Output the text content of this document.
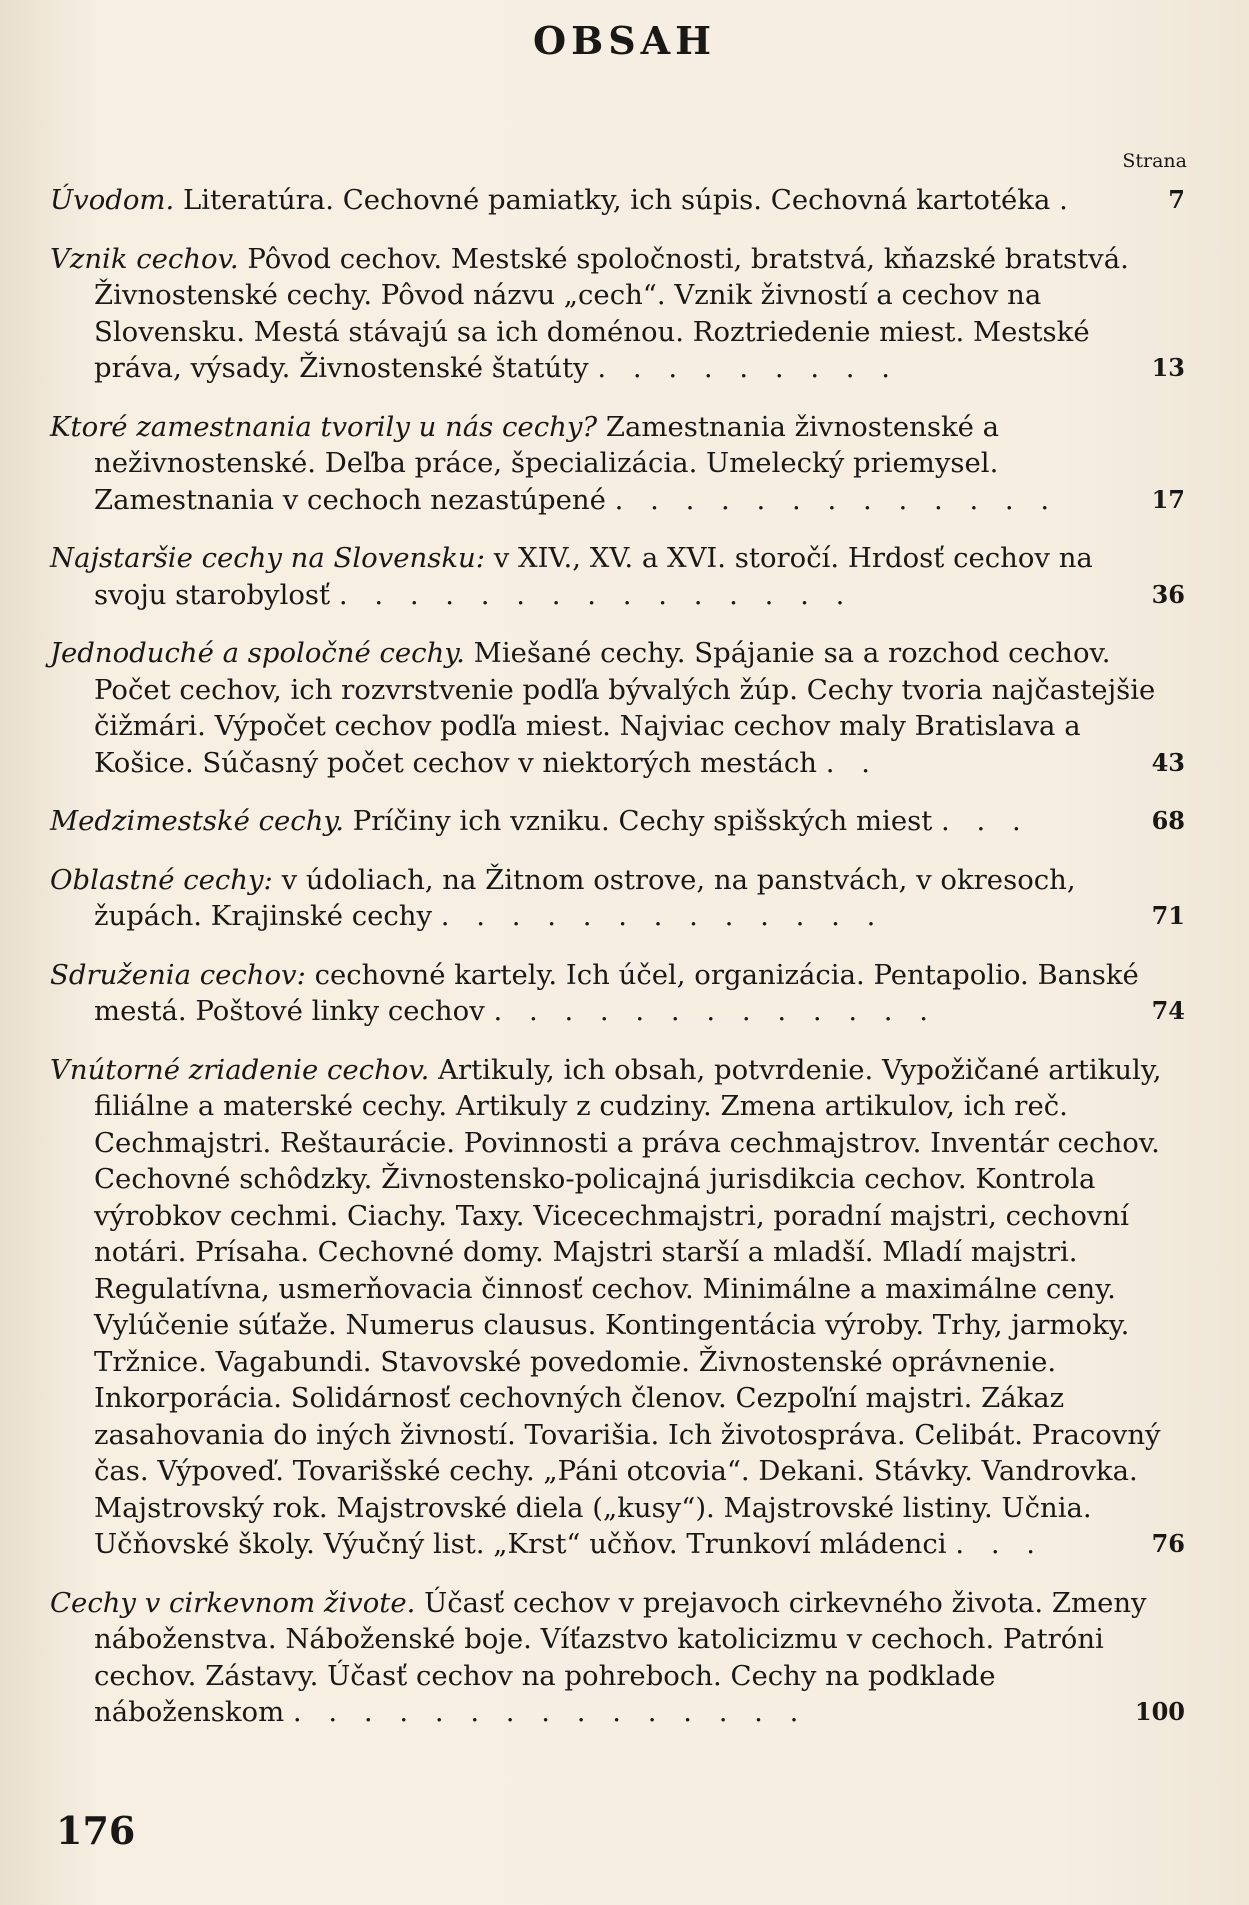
OBSAH
Strana
Úvodom. Literatúra. Cechovné pamiatky, ich súpis. Cechovná kartotéka .	7
Vznik cechov. Pôvod cechov. Mestské spoločnosti, bratstvá, kňazské bratstvá. Živnostenské cechy. Pôvod názvu „cech“. Vznik živností a cechov na Slovensku. Mestá stávajú sa ich doménou. Roztriedenie miest. Mestské práva, výsady. Živnostenské štatúty . . . . . . . . .	13
Ktoré zamestnania tvorily u nás cechy? Zamestnania živnostenské a neživnostenské. Deľba práce, špecializácia. Umelecký priemysel. Zamestnania v cechoch nezastúpené . . . . . . . . . . . . .	17
Najstaršie cechy na Slovensku: v XIV., XV. a XVI. storočí. Hrdosť cechov na svoju starobylosť . . . . . . . . . . . . . . .	36
Jednoduché a spoločné cechy. Miešané cechy. Spájanie sa a rozchod cechov. Počet cechov, ich rozvrstvenie podľa bývalých žúp. Cechy tvoria najčastejšie čižmári. Výpočet cechov podľa miest. Najviac cechov maly Bratislava a Košice. Súčasný počet cechov v niektorých mestách . .	43
Medzimestské cechy. Príčiny ich vzniku. Cechy spišských miest . . .	68
Oblastné cechy: v údoliach, na Žitnom ostrove, na panstvách, v okresoch, župách. Krajinské cechy . . . . . . . . . . . . .	71
Sdruženia cechov: cechovné kartely. Ich účel, organizácia. Pentapolio. Banské mestá. Poštové linky cechov . . . . . . . . . . . . .	74
Vnútorné zriadenie cechov. Artikuly, ich obsah, potvrdenie. Vypožičané artikuly, filiálne a materské cechy. Artikuly z cudziny. Zmena artikulov, ich reč. Cechmajstri. Reštaurácie. Povinnosti a práva cechmajstrov. Inventár cechov. Cechovné schôdzky. Živnostensko-policajná jurisdikcia cechov. Kontrola výrobkov cechmi. Ciachy. Taxy. Vicecechmajstri, poradní majstri, cechovní notári. Prísaha. Cechovné domy. Majstri starší a mladší. Mladí majstri. Regulatívna, usmerňovacia činnosť cechov. Minimálne a maximálne ceny. Vylúčenie súťaže. Numerus clausus. Kontingentácia výroby. Trhy, jarmoky. Tržnice. Vagabundi. Stavovské povedomie. Živnostenské oprávnenie. Inkorporácia. Solidárnosť cechovných členov. Cezpoľní majstri. Zákaz zasahovania do iných živností. Tovarišia. Ich životospráva. Celibát. Pracovný čas. Výpoveď. Tovarišské cechy. „Páni otcovia“. Dekani. Stávky. Vandrovka. Majstrovský rok. Majstrovské diela („kusy“). Majstrovské listiny. Učnia. Učňovské školy. Výučný list. „Krst“ učňov. Trunkoví mládenci . . .	76
Cechy v cirkevnom živote. Účasť cechov v prejavoch cirkevného života. Zmeny náboženstva. Náboženské boje. Víťazstvo katolicizmu v cechoch. Patróni cechov. Zástavy. Účasť cechov na pohreboch. Cechy na podklade náboženskom . . . . . . . . . . . . . . .	100
176
